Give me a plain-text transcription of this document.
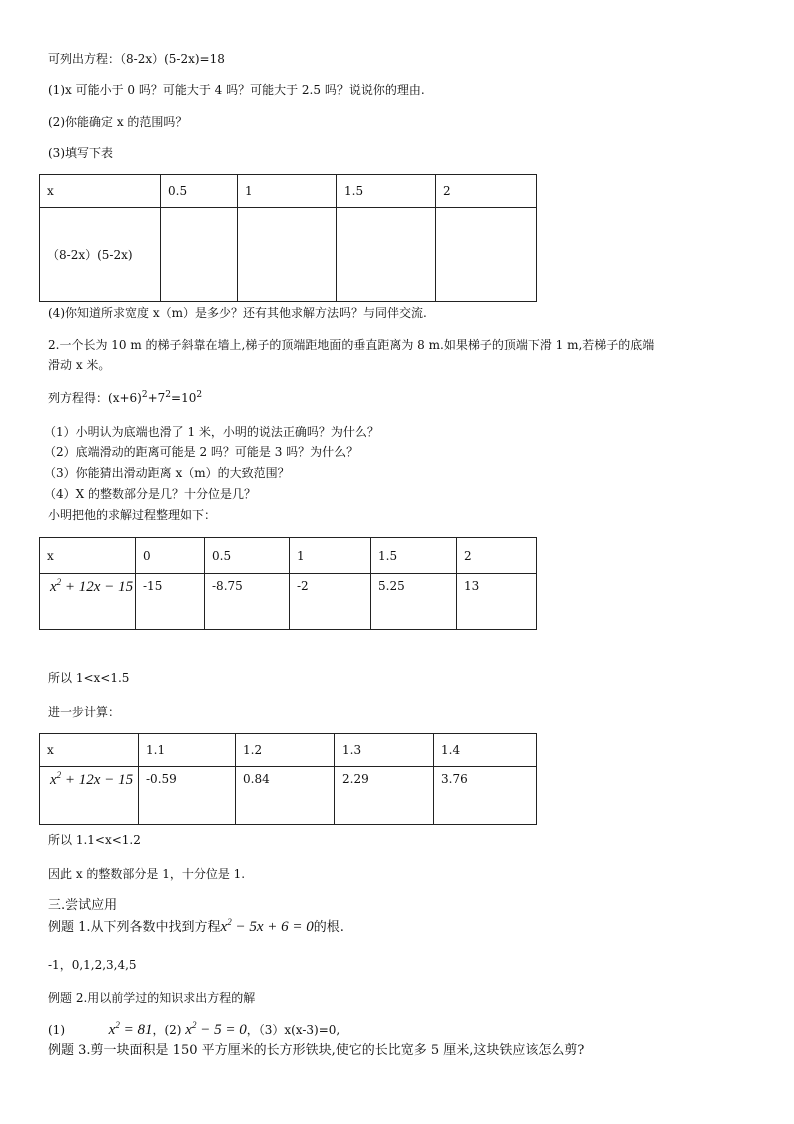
可列出方程：（8-2x）(5-2x)=18
(1)x 可能小于 0 吗？可能大于 4 吗？可能大于 2.5 吗？说说你的理由.
(2)你能确定 x 的范围吗？
(3)填写下表
x	0.5	1	1.5	2
（8-2x）(5-2x)				
(4)你知道所求宽度 x（m）是多少？还有其他求解方法吗？与同伴交流.
2.一个长为 10 m 的梯子斜靠在墙上,梯子的顶端距地面的垂直距离为 8 m.如果梯子的顶端下滑 1 m,若梯子的底端
滑动 x 米。
列方程得：$(x+6)^2+7^2=10^2$
（1）小明认为底端也滑了 1 米，小明的说法正确吗？为什么？
（2）底端滑动的距离可能是 2 吗？可能是 3 吗？为什么？
（3）你能猜出滑动距离 x（m）的大致范围？
（4）X 的整数部分是几？十分位是几？
小明把他的求解过程整理如下：
x	0	0.5	1	1.5	2

$x^2 + 12x - 15$	-15	-8.75	-2	5.25	13
所以 1<x<1.5
进一步计算：
x	1.1	1.2	1.3	1.4

$x^2 + 12x - 15$	-0.59	0.84	2.29	3.76
所以 1.1<x<1.2
因此 x 的整数部分是 1，十分位是 1.
三.尝试应用
例题 1.从下列各数中找到方程$x^2 - 5x + 6 = 0$的根.
-1，0,1,2,3,4,5
例题 2.用以前学过的知识求出方程的解
(1)	$x^2 = 81$，(2) $x^2 - 5 = 0$，（3）x(x-3)=0,
例题 3.剪一块面积是 150 平方厘米的长方形铁块,使它的长比宽多 5 厘米,这块铁应该怎么剪?
